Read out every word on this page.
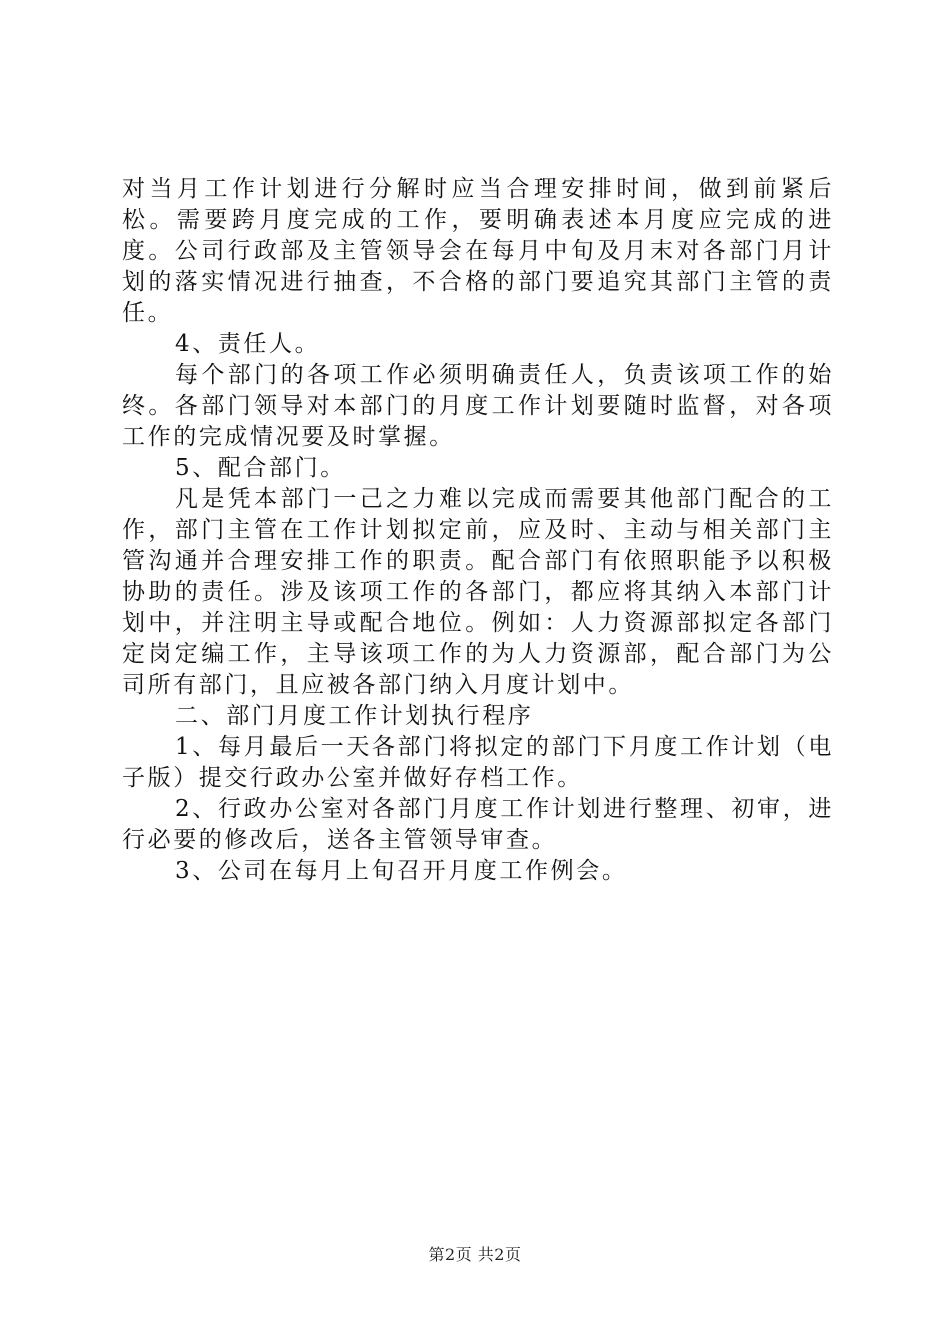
对当月工作计划进行分解时应当合理安排时间，做到前紧后松。需要跨月度完成的工作，要明确表述本月度应完成的进度。公司行政部及主管领导会在每月中旬及月末对各部门月计划的落实情况进行抽查，不合格的部门要追究其部门主管的责任。

4、责任人。

每个部门的各项工作必须明确责任人，负责该项工作的始终。各部门领导对本部门的月度工作计划要随时监督，对各项工作的完成情况要及时掌握。

5、配合部门。

凡是凭本部门一己之力难以完成而需要其他部门配合的工作，部门主管在工作计划拟定前，应及时、主动与相关部门主管沟通并合理安排工作的职责。配合部门有依照职能予以积极协助的责任。涉及该项工作的各部门，都应将其纳入本部门计划中，并注明主导或配合地位。例如：人力资源部拟定各部门定岗定编工作，主导该项工作的为人力资源部，配合部门为公司所有部门，且应被各部门纳入月度计划中。

二、部门月度工作计划执行程序

1、每月最后一天各部门将拟定的部门下月度工作计划（电子版）提交行政办公室并做好存档工作。

2、行政办公室对各部门月度工作计划进行整理、初审，进行必要的修改后，送各主管领导审查。

3、公司在每月上旬召开月度工作例会。

第2页 共2页
